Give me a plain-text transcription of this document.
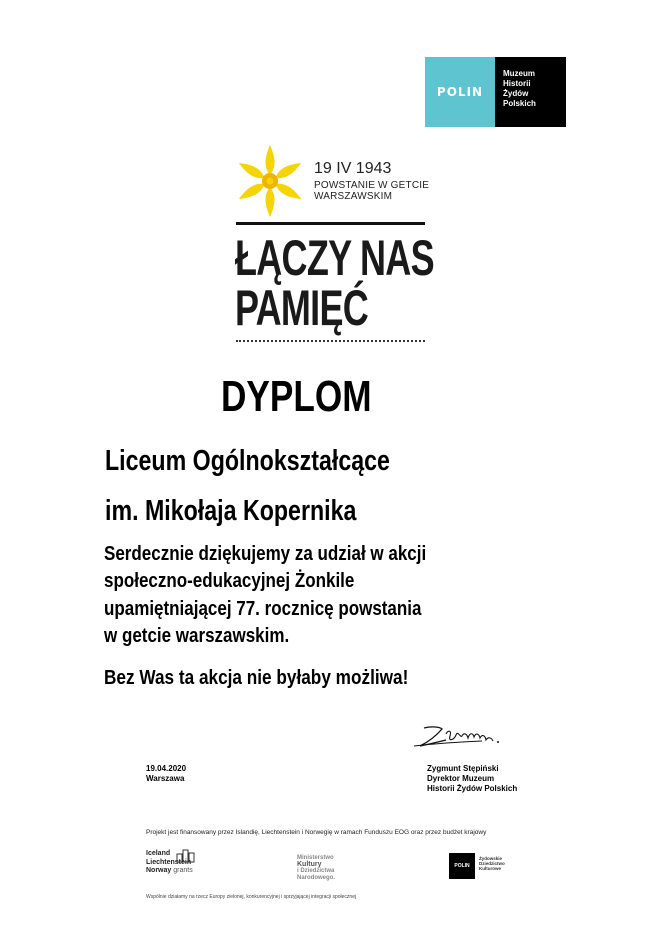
POLIN
Muzeum
Historii
Żydów
Polskich
19 IV 1943
POWSTANIE W GETCIE
WARSZAWSKIM
ŁĄCZY NAS
PAMIĘĆ
DYPLOM
Liceum Ogólnokształcące
im. Mikołaja Kopernika
Serdecznie dziękujemy za udział w akcji
społeczno-edukacyjnej Żonkile
upamiętniającej 77. rocznicę powstania
w getcie warszawskim.
Bez Was ta akcja nie byłaby możliwa!
19.04.2020
Warszawa
Zygmunt Stępiński
Dyrektor Muzeum
Historii Żydów Polskich
Projekt jest finansowany przez Islandię, Liechtenstein i Norwegię w ramach Funduszu EOG oraz przez budżet krajowy
Iceland
Liechtenstein
Norway grants
Ministerstwo
Kultury
i Dziedzictwa
Narodowego.
POLIN
Żydowskie
Dziedzictwo
Kulturowe
Wspólnie działamy na rzecz Europy zielonej, konkurencyjnej i sprzyjającej integracji społecznej
